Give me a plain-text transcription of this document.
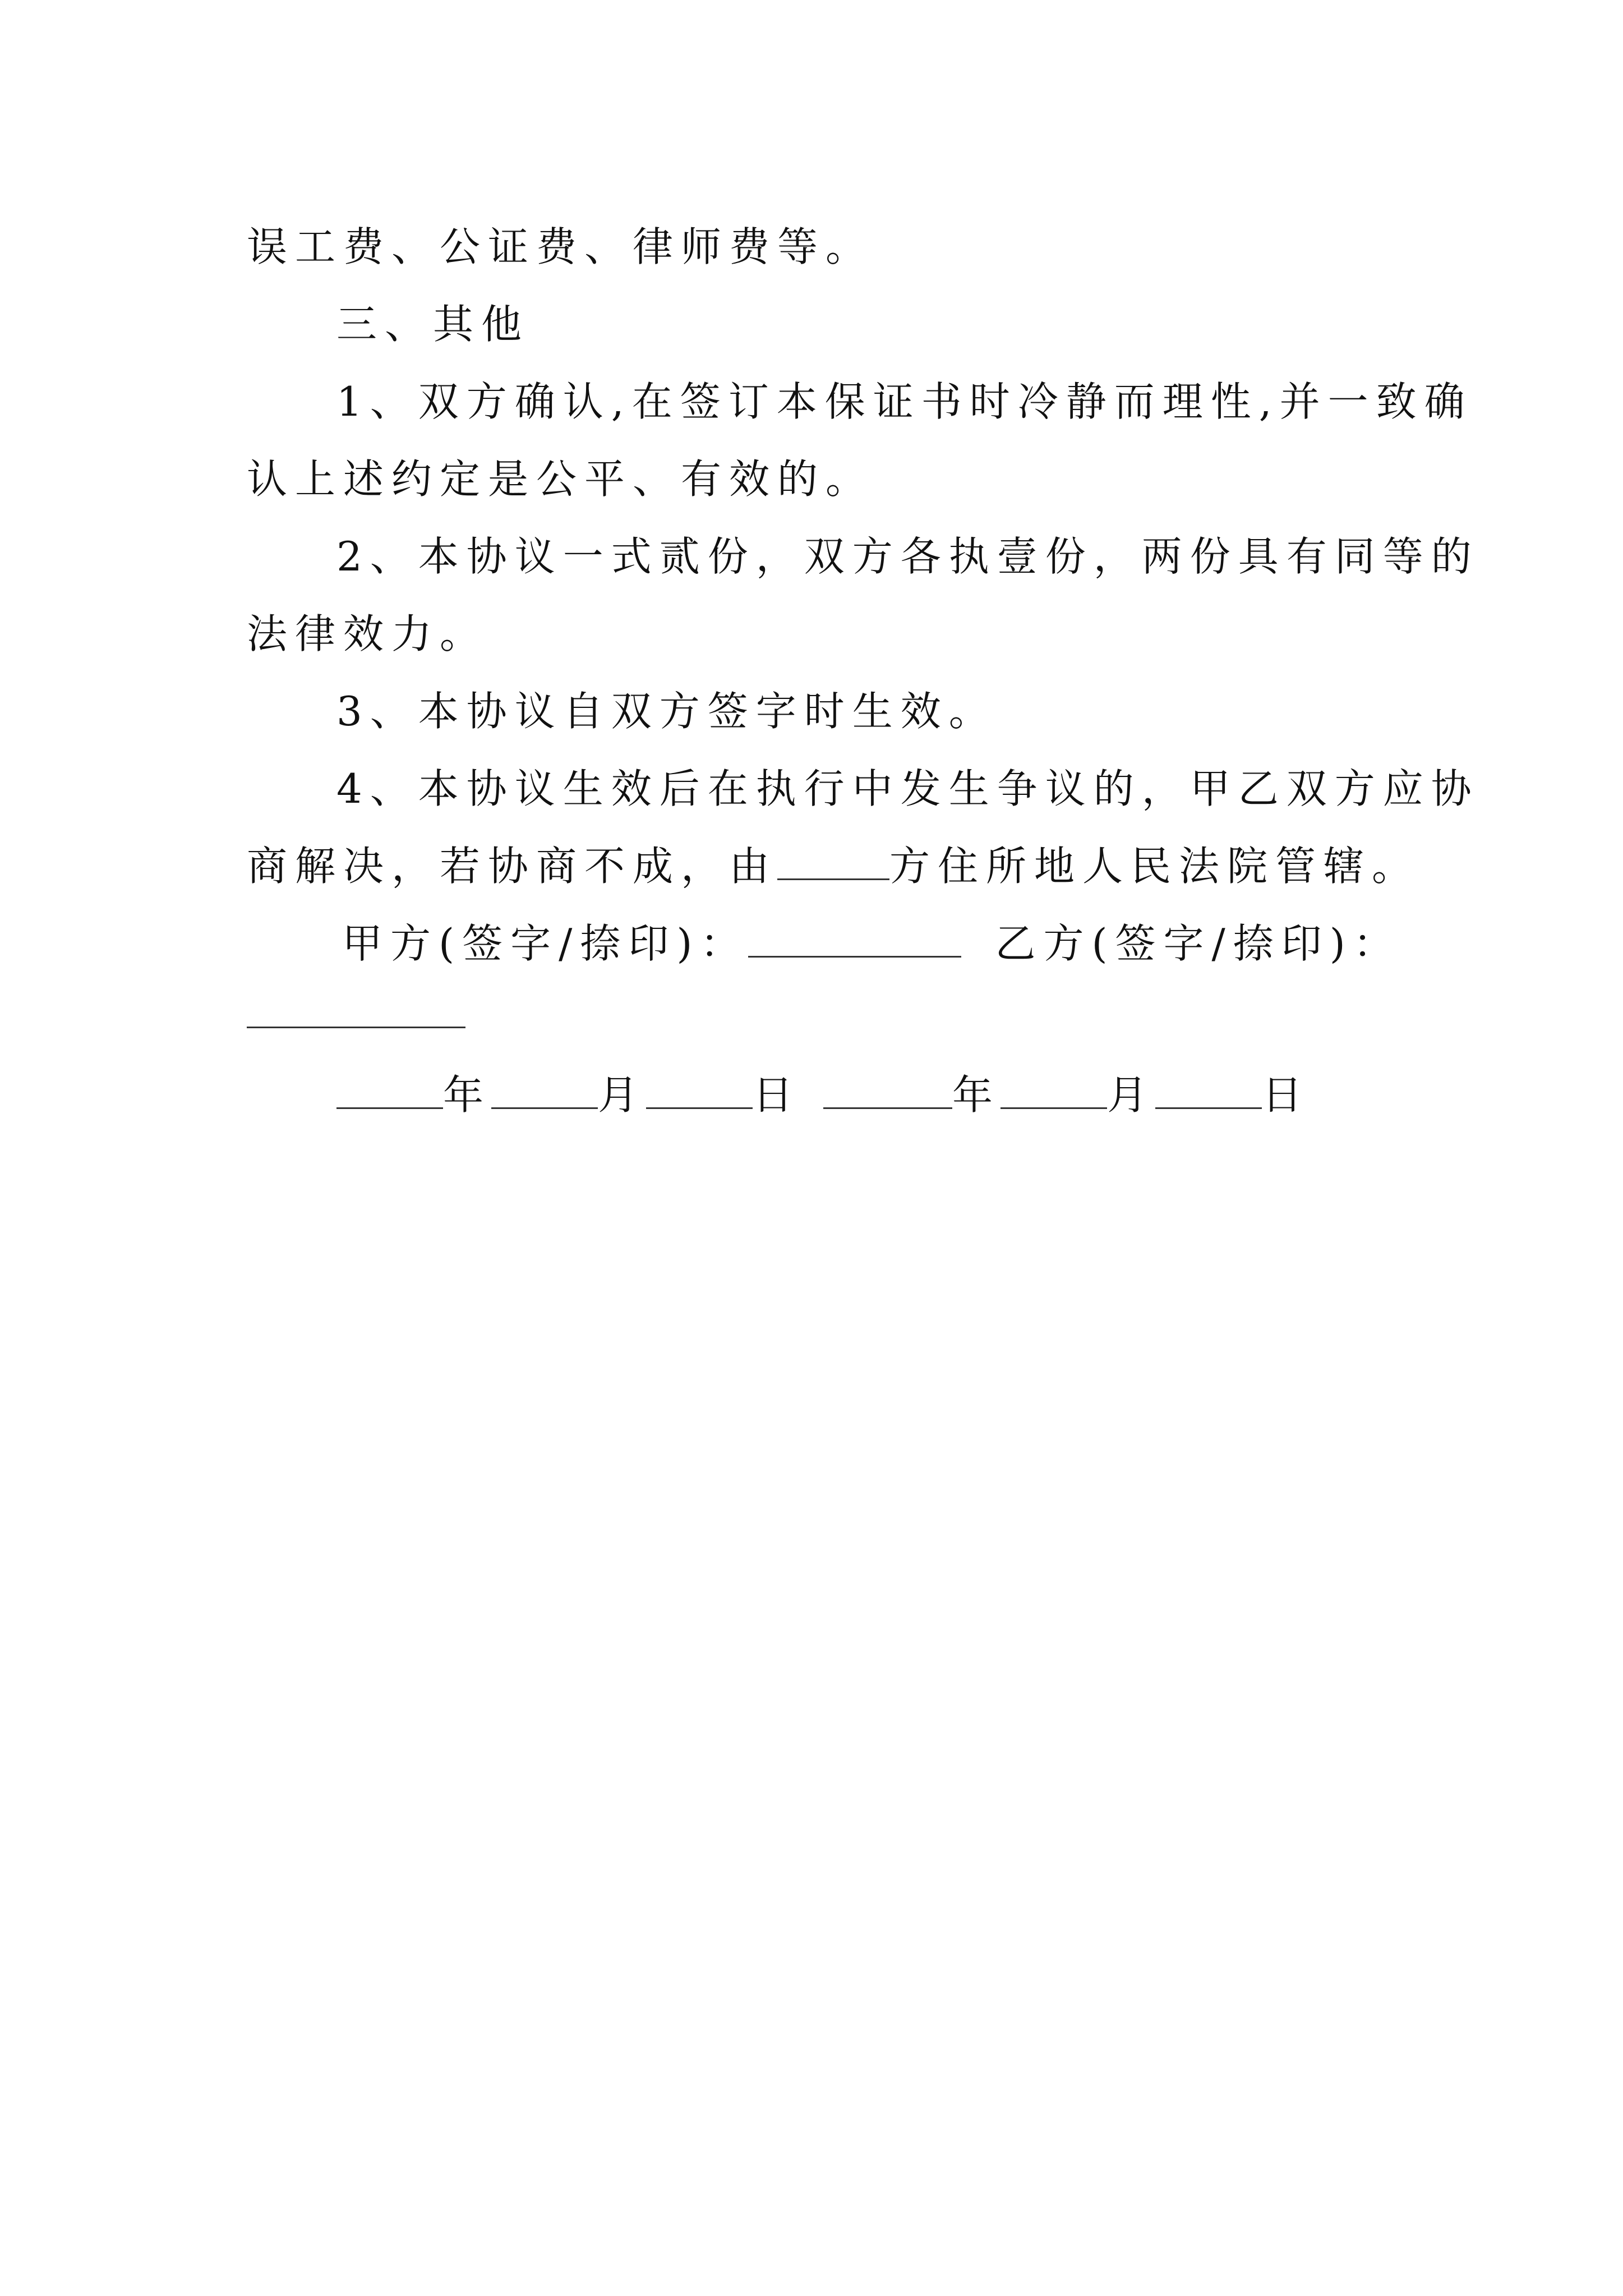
误工费、公证费、律师费等。
三、其他
1、双方确认,在签订本保证书时冷静而理性,并一致确
认上述约定是公平、有效的。
2、本协议一式贰份，双方各执壹份，两份具有同等的
法律效力。
3、本协议自双方签字时生效。
4、本协议生效后在执行中发生争议的，甲乙双方应协
商解决，若协商不成，由	方住所地人民法院管辖。
甲方(签字/捺印)：	乙方(签字/捺印)：
年	月	日	年	月	日
